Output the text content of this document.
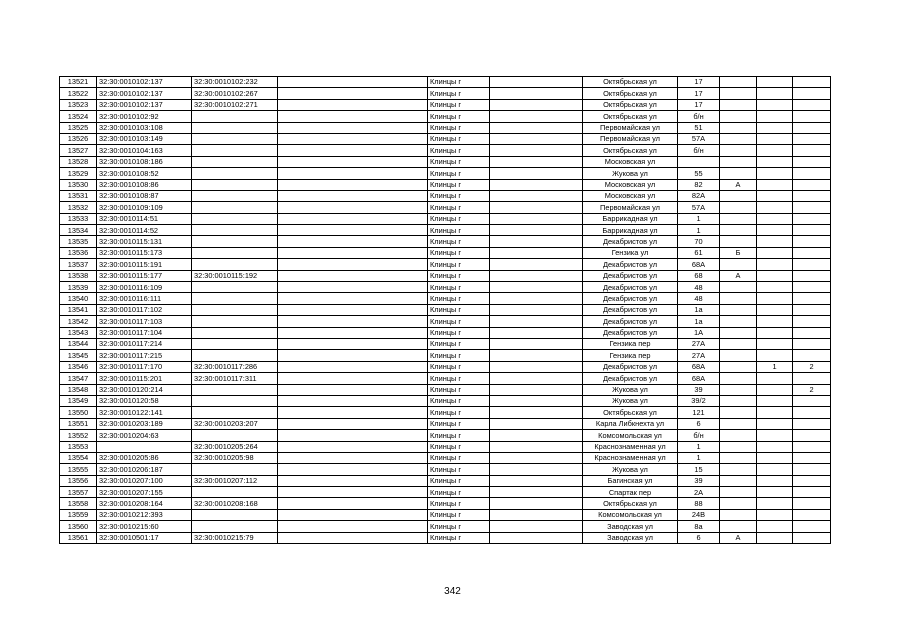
13521	32:30:0010102:137	32:30:0010102:232		Клинцы г		Октябрьская ул	17			
13522	32:30:0010102:137	32:30:0010102:267		Клинцы г		Октябрьская ул	17			
13523	32:30:0010102:137	32:30:0010102:271		Клинцы г		Октябрьская ул	17			
13524	32:30:0010102:92			Клинцы г		Октябрьская ул	б/н			
13525	32:30:0010103:108			Клинцы г		Первомайская ул	51			
13526	32:30:0010103:149			Клинцы г		Первомайская ул	57А			
13527	32:30:0010104:163			Клинцы г		Октябрьская ул	б/н			
13528	32:30:0010108:186			Клинцы г		Московская ул				
13529	32:30:0010108:52			Клинцы г		Жукова ул	55			
13530	32:30:0010108:86			Клинцы г		Московская ул	82	А		
13531	32:30:0010108:87			Клинцы г		Московская ул	82А			
13532	32:30:0010109:109			Клинцы г		Первомайская ул	57А			
13533	32:30:0010114:51			Клинцы г		Баррикадная ул	1			
13534	32:30:0010114:52			Клинцы г		Баррикадная ул	1			
13535	32:30:0010115:131			Клинцы г		Декабристов ул	70			
13536	32:30:0010115:173			Клинцы г		Гензика ул	61	Б		
13537	32:30:0010115:191			Клинцы г		Декабристов ул	68А			
13538	32:30:0010115:177	32:30:0010115:192		Клинцы г		Декабристов ул	68	А		
13539	32:30:0010116:109			Клинцы г		Декабристов ул	48			
13540	32:30:0010116:111			Клинцы г		Декабристов ул	48			
13541	32:30:0010117:102			Клинцы г		Декабристов ул	1а			
13542	32:30:0010117:103			Клинцы г		Декабристов ул	1а			
13543	32:30:0010117:104			Клинцы г		Декабристов ул	1А			
13544	32:30:0010117:214			Клинцы г		Гензика пер	27А			
13545	32:30:0010117:215			Клинцы г		Гензика пер	27А			
13546	32:30:0010117:170	32:30:0010117:286		Клинцы г		Декабристов ул	68А		1	2
13547	32:30:0010115:201	32:30:0010117:311		Клинцы г		Декабристов ул	68А			
13548	32:30:0010120:214			Клинцы г		Жукова ул	39			2
13549	32:30:0010120:58			Клинцы г		Жукова ул	39/2			
13550	32:30:0010122:141			Клинцы г		Октябрьская ул	121			
13551	32:30:0010203:189	32:30:0010203:207		Клинцы г		Карла Либкнехта ул	6			
13552	32:30:0010204:63			Клинцы г		Комсомольская ул	б/н			
13553		32:30:0010205:264		Клинцы г		Краснознаменная ул	1			
13554	32:30:0010205:86	32:30:0010205:98		Клинцы г		Краснознаменная ул	1			
13555	32:30:0010206:187			Клинцы г		Жукова ул	15			
13556	32:30:0010207:100	32:30:0010207:112		Клинцы г		Багинская ул	39			
13557	32:30:0010207:155			Клинцы г		Спартак пер	2А			
13558	32:30:0010208:164	32:30:0010208:168		Клинцы г		Октябрьская ул	88			
13559	32:30:0010212:393			Клинцы г		Комсомольская ул	24В			
13560	32:30:0010215:60			Клинцы г		Заводская ул	8а			
13561	32:30:0010501:17	32:30:0010215:79		Клинцы г		Заводская ул	6	А		
342
